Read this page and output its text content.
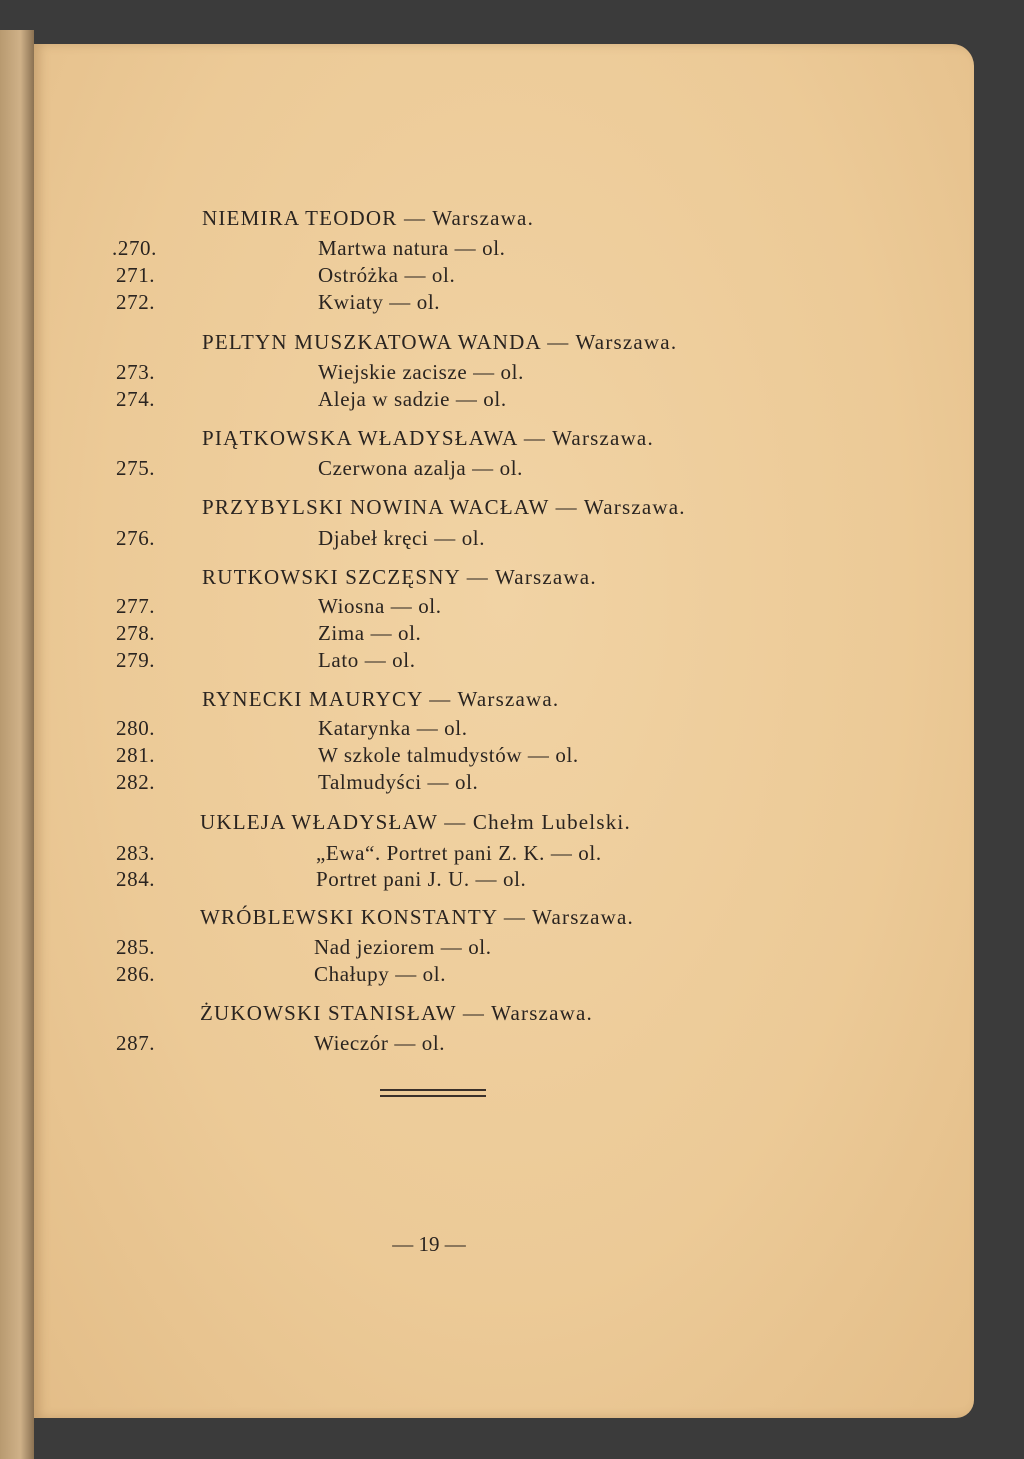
NIEMIRA TEODOR — Warszawa.
.270.	Martwa natura — ol.
271.	Ostróżka — ol.
272.	Kwiaty — ol.
PELTYN MUSZKATOWA WANDA — Warszawa.
273.	Wiejskie zacisze — ol.
274.	Aleja w sadzie — ol.
PIĄTKOWSKA WŁADYSŁAWA — Warszawa.
275.	Czerwona azalja — ol.
PRZYBYLSKI NOWINA WACŁAW — Warszawa.
276.	Djabeł kręci — ol.
RUTKOWSKI SZCZĘSNY — Warszawa.
277.	Wiosna — ol.
278.	Zima — ol.
279.	Lato — ol.
RYNECKI MAURYCY — Warszawa.
280.	Katarynka — ol.
281.	W szkole talmudystów — ol.
282.	Talmudyści — ol.
UKLEJA WŁADYSŁAW — Chełm Lubelski.
283.	„Ewa“. Portret pani Z. K. — ol.
284.	Portret pani J. U. — ol.
WRÓBLEWSKI KONSTANTY — Warszawa.
285.	Nad jeziorem — ol.
286.	Chałupy — ol.
ŻUKOWSKI STANISŁAW — Warszawa.
287.	Wieczór — ol.
— 19 —
